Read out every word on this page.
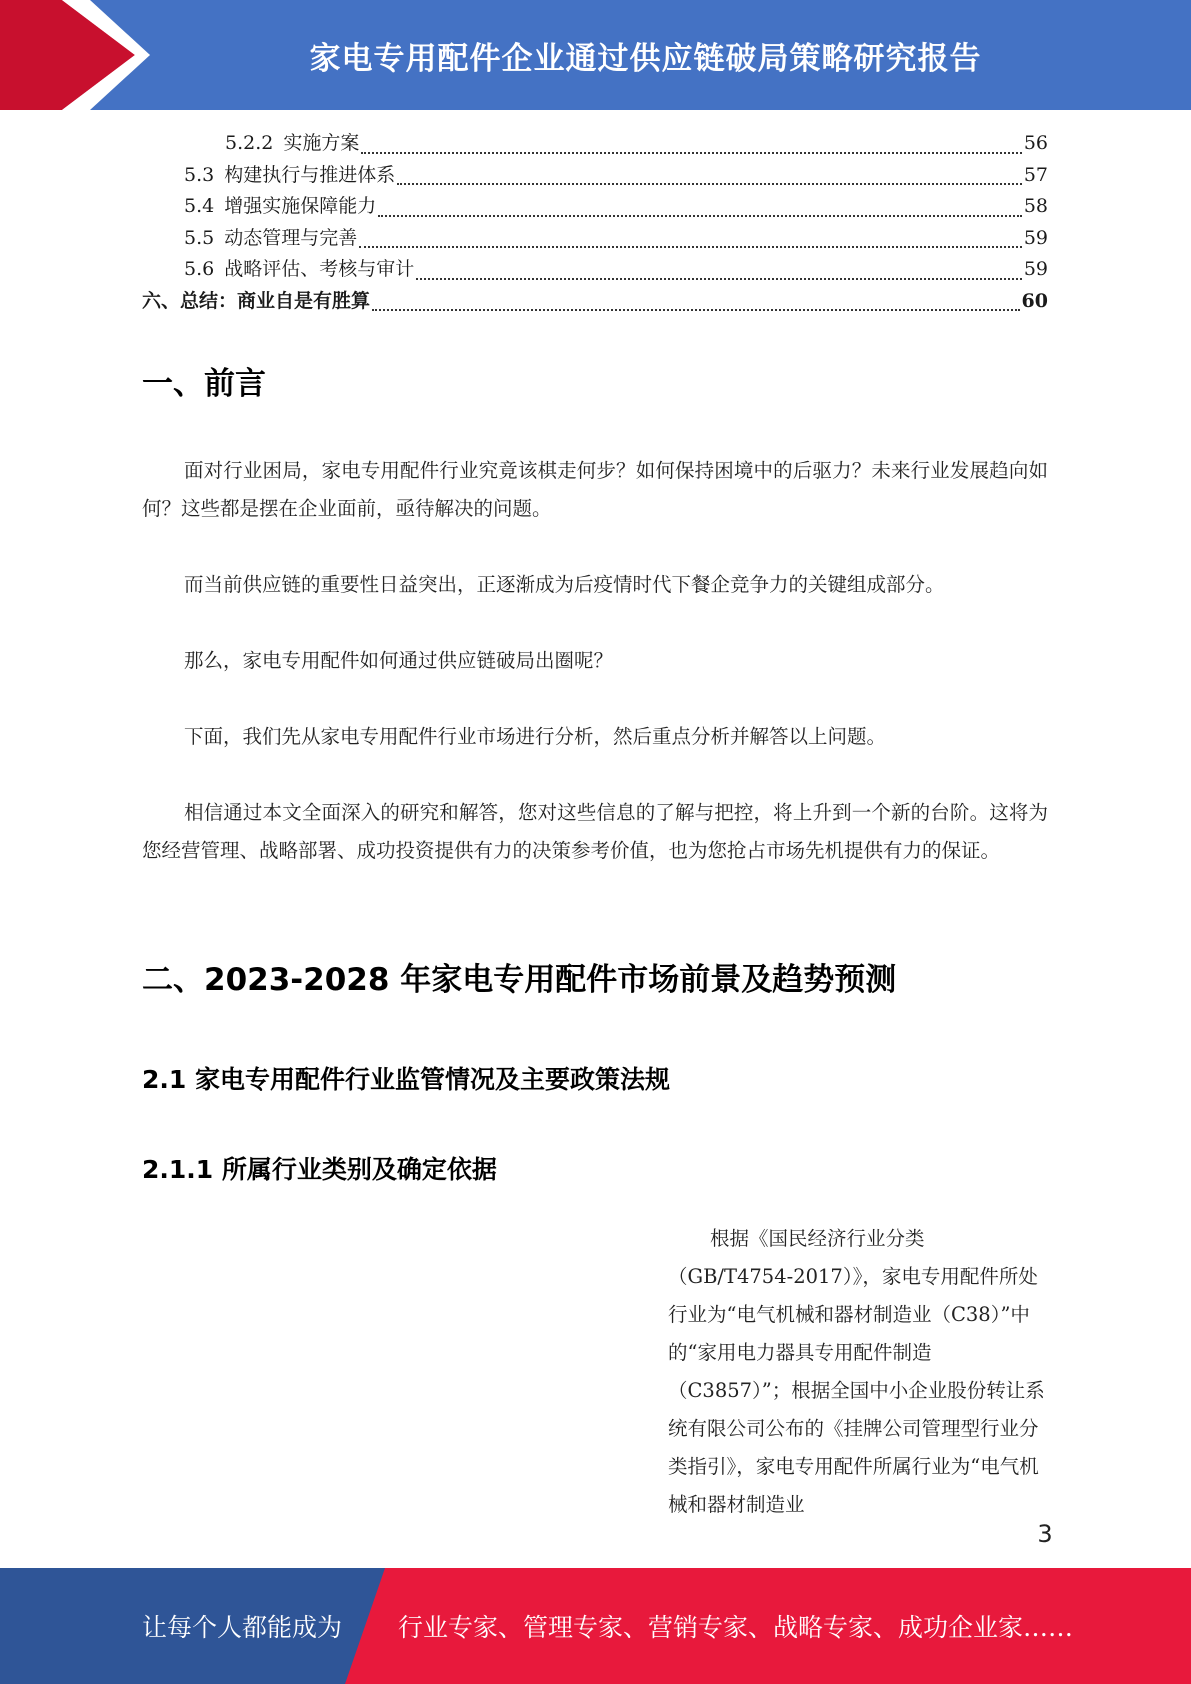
家电专用配件企业通过供应链破局策略研究报告
5.2.2 实施方案	56
5.3 构建执行与推进体系	57
5.4 增强实施保障能力	58
5.5 动态管理与完善	59
5.6 战略评估、考核与审计	59
六、总结：商业自是有胜算	60
一、前言

面对行业困局，家电专用配件行业究竟该棋走何步？如何保持困境中的后驱力？未来行业发展趋向如何？这些都是摆在企业面前，亟待解决的问题。

而当前供应链的重要性日益突出，正逐渐成为后疫情时代下餐企竞争力的关键组成部分。

那么，家电专用配件如何通过供应链破局出圈呢？

下面，我们先从家电专用配件行业市场进行分析，然后重点分析并解答以上问题。

相信通过本文全面深入的研究和解答，您对这些信息的了解与把控，将上升到一个新的台阶。这将为您经营管理、战略部署、成功投资提供有力的决策参考价值，也为您抢占市场先机提供有力的保证。

二、2023-2028 年家电专用配件市场前景及趋势预测
2.1 家电专用配件行业监管情况及主要政策法规
2.1.1 所属行业类别及确定依据

根据《国民经济行业分类（GB/T4754-2017）》，家电专用配件所处行业为“电气机械和器材制造业（C38）”中的“家用电力器具专用配件制造（C3857）”；根据全国中小企业股份转让系统有限公司公布的《挂牌公司管理型行业分类指引》，家电专用配件所属行业为“电气机械和器材制造业

3
让每个人都能成为 行业专家、管理专家、营销专家、战略专家、成功企业家……
